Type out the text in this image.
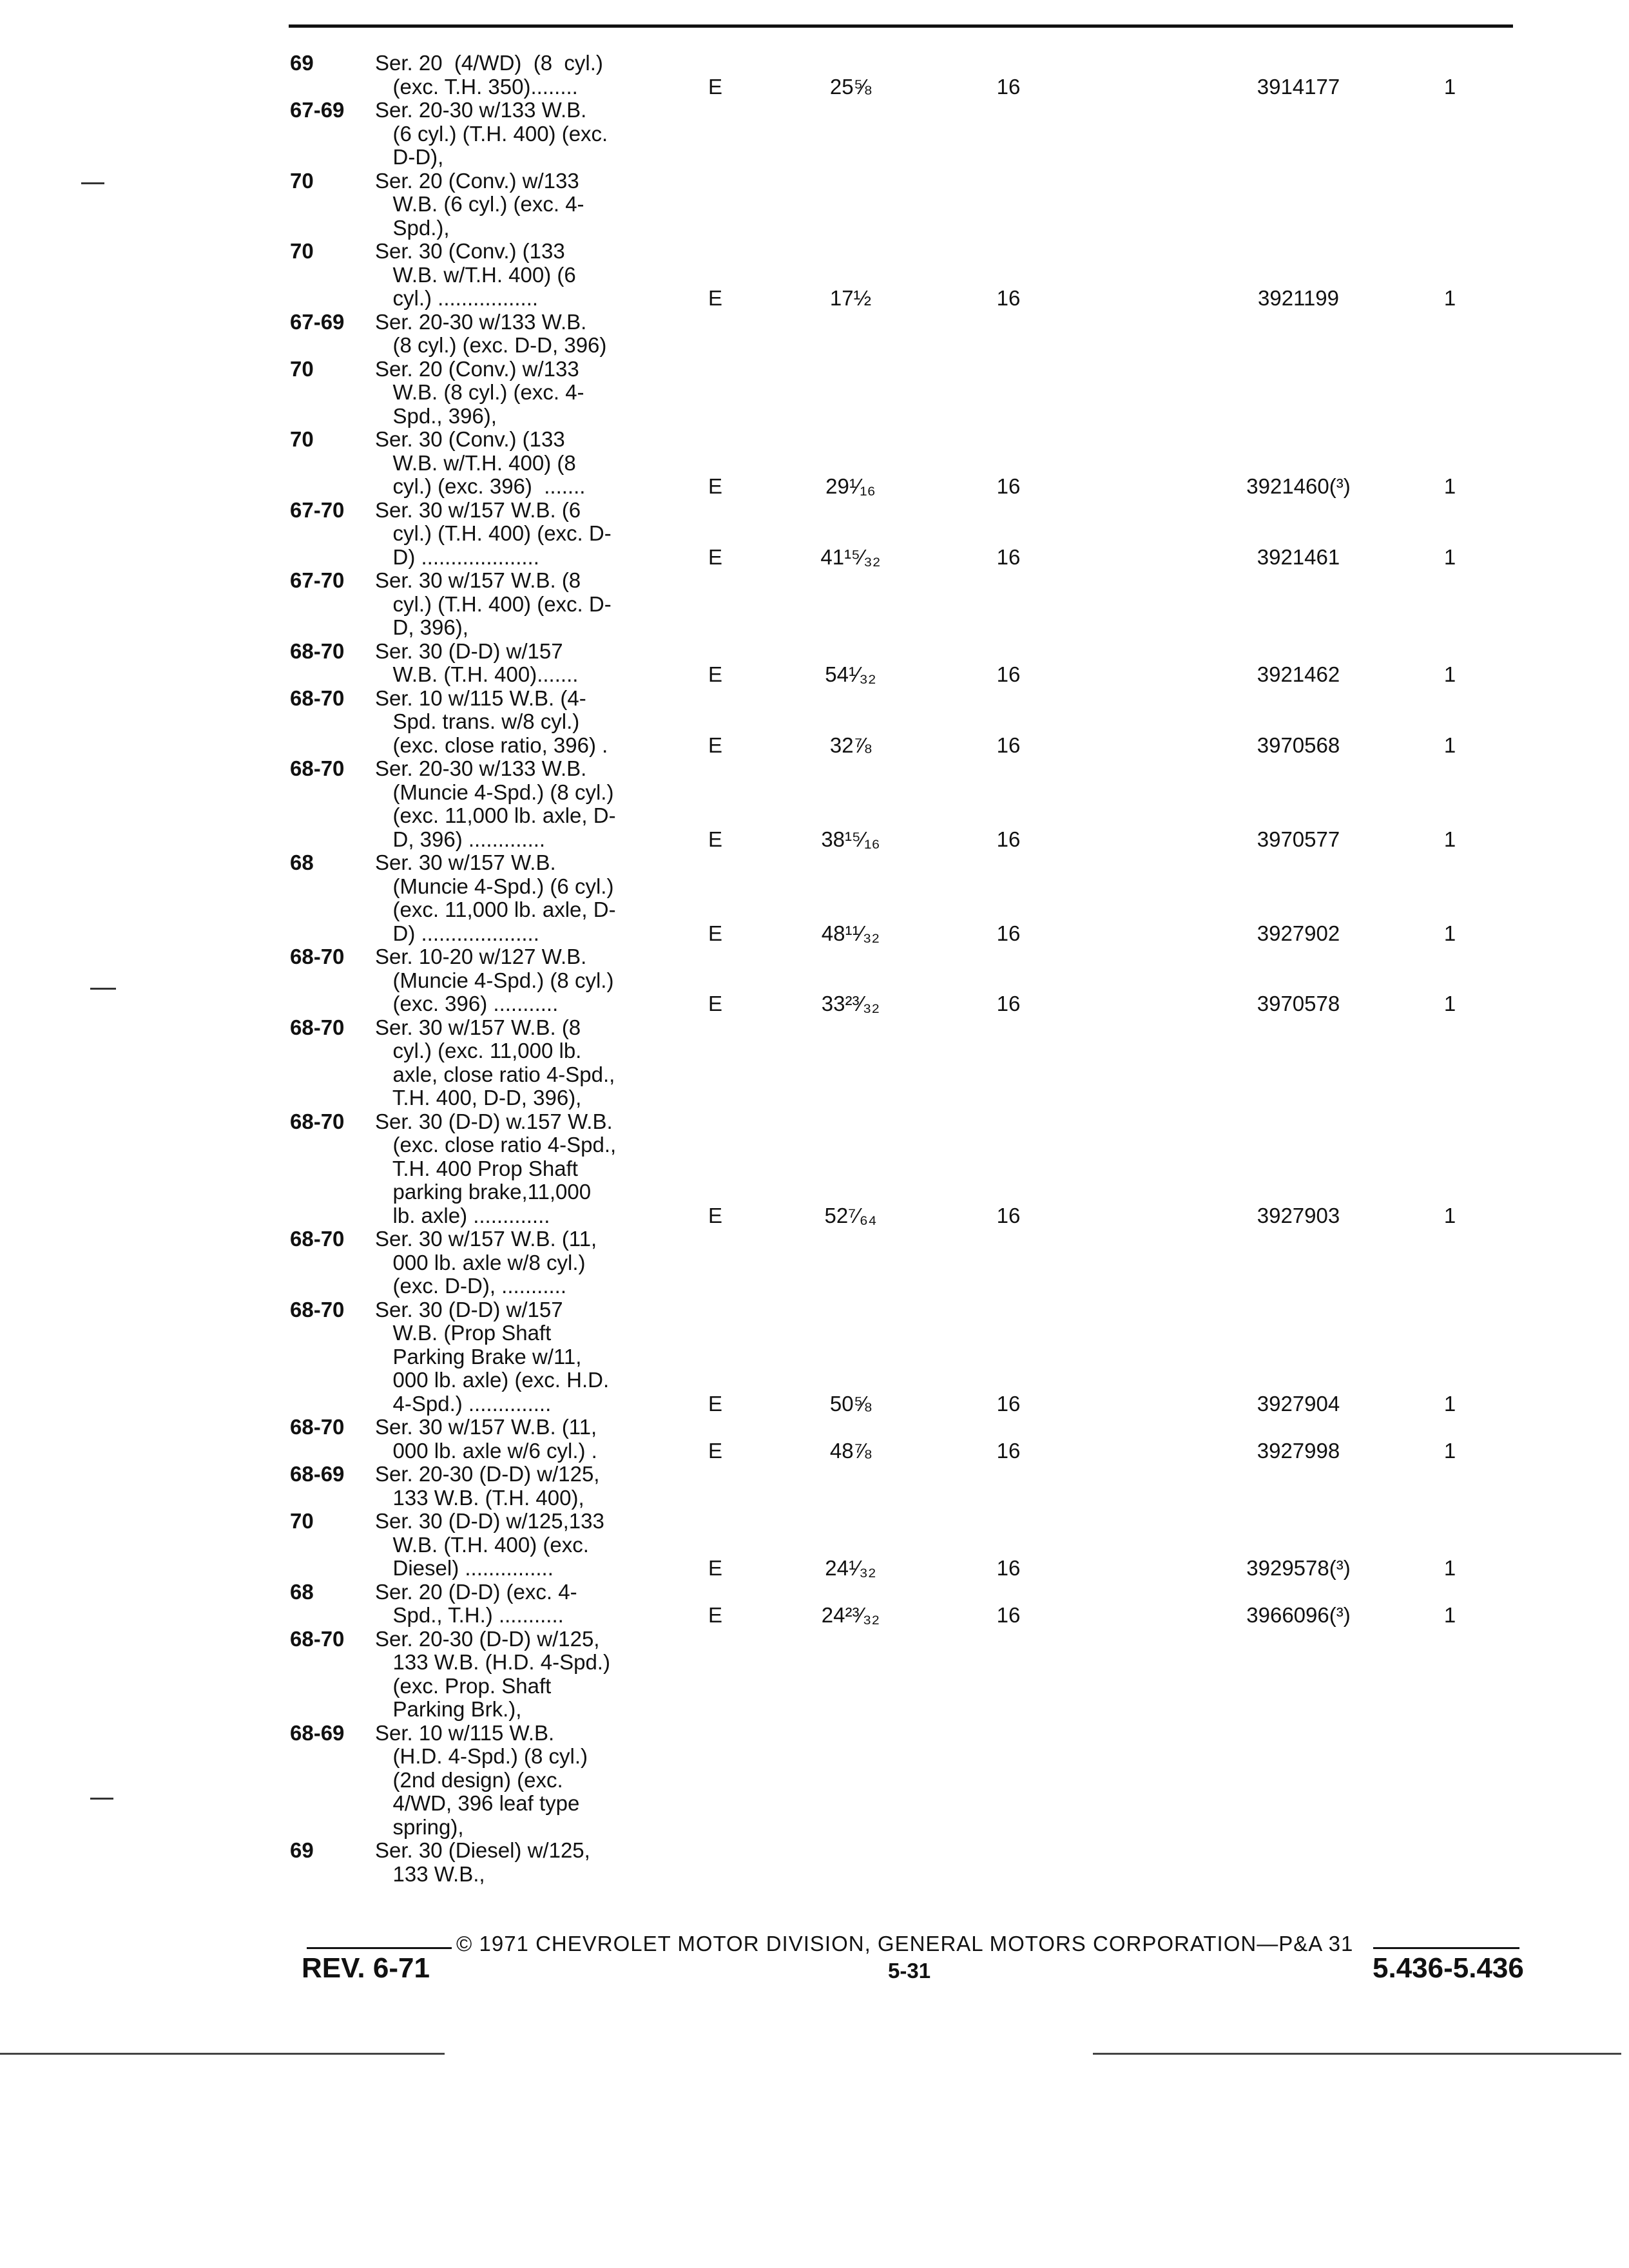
69	Ser. 20  (4/WD)  (8  cyl.)
(exc. T.H. 350)........	E	25⅝	16	3914177	1
67-69 Ser. 20-30 w/133 W.B.
(6 cyl.) (T.H. 400) (exc.
D-D),
70	Ser. 20 (Conv.) w/133
W.B. (6 cyl.) (exc. 4-
Spd.),
70	Ser. 30 (Conv.) (133
W.B. w/T.H. 400) (6
cyl.) .................	E	17½	16	3921199	1
67-69 Ser. 20-30 w/133 W.B.
(8 cyl.) (exc. D-D, 396)
70	Ser. 20 (Conv.) w/133
W.B. (8 cyl.) (exc. 4-
Spd., 396),
70	Ser. 30 (Conv.) (133
W.B. w/T.H. 400) (8
cyl.) (exc. 396)  .......	E	29¹⁄₁₆	16	3921460(³)	1
67-70 Ser. 30 w/157 W.B. (6
cyl.) (T.H. 400) (exc. D-
D) ....................	E	41¹⁵⁄₃₂	16	3921461	1
67-70 Ser. 30 w/157 W.B. (8
cyl.) (T.H. 400) (exc. D-
D, 396),
68-70 Ser. 30 (D-D) w/157
W.B. (T.H. 400).......	E	54¹⁄₃₂	16	3921462	1
68-70 Ser. 10 w/115 W.B. (4-
Spd. trans. w/8 cyl.)
(exc. close ratio, 396) .	E	32⅞	16	3970568	1
68-70 Ser. 20-30 w/133 W.B.
(Muncie 4-Spd.) (8 cyl.)
(exc. 11,000 lb. axle, D-
D, 396) .............	E	38¹⁵⁄₁₆	16	3970577	1
68	Ser. 30 w/157 W.B.
(Muncie 4-Spd.) (6 cyl.)
(exc. 11,000 lb. axle, D-
D) ....................	E	48¹¹⁄₃₂	16	3927902	1
68-70 Ser. 10-20 w/127 W.B.
(Muncie 4-Spd.) (8 cyl.)
(exc. 396) ...........	E	33²³⁄₃₂	16	3970578	1
68-70 Ser. 30 w/157 W.B. (8
cyl.) (exc. 11,000 lb.
axle, close ratio 4-Spd.,
T.H. 400, D-D, 396),
68-70 Ser. 30 (D-D) w.157 W.B.
(exc. close ratio 4-Spd.,
T.H. 400 Prop Shaft
parking brake,11,000
lb. axle) .............	E	52⁷⁄₆₄	16	3927903	1
68-70 Ser. 30 w/157 W.B. (11,
000 lb. axle w/8 cyl.)
(exc. D-D), ...........
68-70 Ser. 30 (D-D) w/157
W.B. (Prop Shaft
Parking Brake w/11,
000 lb. axle) (exc. H.D.
4-Spd.) ..............	E	50⅝	16	3927904	1
68-70 Ser. 30 w/157 W.B. (11,
000 lb. axle w/6 cyl.) .	E	48⅞	16	3927998	1
68-69 Ser. 20-30 (D-D) w/125,
133 W.B. (T.H. 400),
70	Ser. 30 (D-D) w/125,133
W.B. (T.H. 400) (exc.
Diesel) ...............	E	24¹⁄₃₂	16	3929578(³)	1
68	Ser. 20 (D-D) (exc. 4-
Spd., T.H.) ...........	E	24²³⁄₃₂	16	3966096(³)	1
68-70 Ser. 20-30 (D-D) w/125,
133 W.B. (H.D. 4-Spd.)
(exc. Prop. Shaft
Parking Brk.),
68-69 Ser. 10 w/115 W.B.
(H.D. 4-Spd.) (8 cyl.)
(2nd design) (exc.
4/WD, 396 leaf type
spring),
69	Ser. 30 (Diesel) w/125,
133 W.B.,
© 1971 CHEVROLET MOTOR DIVISION, GENERAL MOTORS CORPORATION—P&A 31
REV. 6-71	5-31	5.436-5.436
